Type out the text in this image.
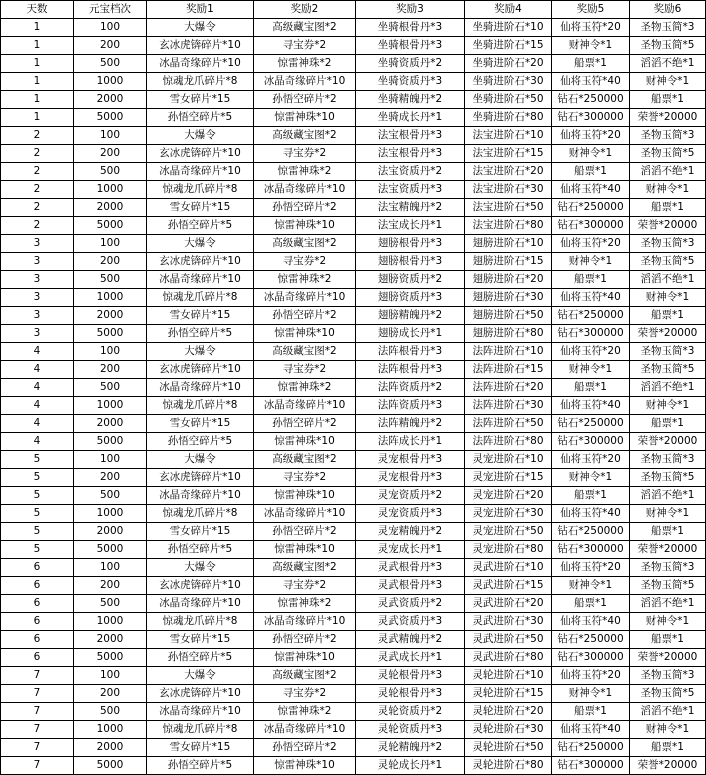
天数	元宝档次	奖励1	奖励2	奖励3	奖励4	奖励5	奖励6
1	100	大爆令	高级藏宝图*2	坐骑根骨丹*3	坐骑进阶石*10	仙将玉符*20	圣物玉简*3
1	200	玄冰虎锛碎片*10	寻宝券*2	坐骑根骨丹*3	坐骑进阶石*15	财神令*1	圣物玉简*5
1	500	冰晶奇缘碎片*10	惊雷神珠*2	坐骑资质丹*2	坐骑进阶石*20	船票*1	滔滔不绝*1
1	1000	惊魂龙爪碎片*8	冰晶奇缘碎片*10	坐骑资质丹*3	坐骑进阶石*30	仙将玉符*40	财神令*1
1	2000	雪女碎片*15	孙悟空碎片*2	坐骑精魄丹*2	坐骑进阶石*50	钻石*250000	船票*1
1	5000	孙悟空碎片*5	惊雷神珠*10	坐骑成长丹*1	坐骑进阶石*80	钻石*300000	荣誉*20000
2	100	大爆令	高级藏宝图*2	法宝根骨丹*3	法宝进阶石*10	仙将玉符*20	圣物玉简*3
2	200	玄冰虎锛碎片*10	寻宝券*2	法宝根骨丹*3	法宝进阶石*15	财神令*1	圣物玉简*5
2	500	冰晶奇缘碎片*10	惊雷神珠*2	法宝资质丹*2	法宝进阶石*20	船票*1	滔滔不绝*1
2	1000	惊魂龙爪碎片*8	冰晶奇缘碎片*10	法宝资质丹*3	法宝进阶石*30	仙将玉符*40	财神令*1
2	2000	雪女碎片*15	孙悟空碎片*2	法宝精魄丹*2	法宝进阶石*50	钻石*250000	船票*1
2	5000	孙悟空碎片*5	惊雷神珠*10	法宝成长丹*1	法宝进阶石*80	钻石*300000	荣誉*20000
3	100	大爆令	高级藏宝图*2	翅膀根骨丹*3	翅膀进阶石*10	仙将玉符*20	圣物玉简*3
3	200	玄冰虎锛碎片*10	寻宝券*2	翅膀根骨丹*3	翅膀进阶石*15	财神令*1	圣物玉简*5
3	500	冰晶奇缘碎片*10	惊雷神珠*2	翅膀资质丹*2	翅膀进阶石*20	船票*1	滔滔不绝*1
3	1000	惊魂龙爪碎片*8	冰晶奇缘碎片*10	翅膀资质丹*3	翅膀进阶石*30	仙将玉符*40	财神令*1
3	2000	雪女碎片*15	孙悟空碎片*2	翅膀精魄丹*2	翅膀进阶石*50	钻石*250000	船票*1
3	5000	孙悟空碎片*5	惊雷神珠*10	翅膀成长丹*1	翅膀进阶石*80	钻石*300000	荣誉*20000
4	100	大爆令	高级藏宝图*2	法阵根骨丹*3	法阵进阶石*10	仙将玉符*20	圣物玉简*3
4	200	玄冰虎锛碎片*10	寻宝券*2	法阵根骨丹*3	法阵进阶石*15	财神令*1	圣物玉简*5
4	500	冰晶奇缘碎片*10	惊雷神珠*2	法阵资质丹*2	法阵进阶石*20	船票*1	滔滔不绝*1
4	1000	惊魂龙爪碎片*8	冰晶奇缘碎片*10	法阵资质丹*3	法阵进阶石*30	仙将玉符*40	财神令*1
4	2000	雪女碎片*15	孙悟空碎片*2	法阵精魄丹*2	法阵进阶石*50	钻石*250000	船票*1
4	5000	孙悟空碎片*5	惊雷神珠*10	法阵成长丹*1	法阵进阶石*80	钻石*300000	荣誉*20000
5	100	大爆令	高级藏宝图*2	灵宠根骨丹*3	灵宠进阶石*10	仙将玉符*20	圣物玉简*3
5	200	玄冰虎锛碎片*10	寻宝券*2	灵宠根骨丹*3	灵宠进阶石*15	财神令*1	圣物玉简*5
5	500	冰晶奇缘碎片*10	惊雷神珠*10	灵宠资质丹*2	灵宠进阶石*20	船票*1	滔滔不绝*1
5	1000	惊魂龙爪碎片*8	冰晶奇缘碎片*10	灵宠资质丹*3	灵宠进阶石*30	仙将玉符*40	财神令*1
5	2000	雪女碎片*15	孙悟空碎片*2	灵宠精魄丹*2	灵宠进阶石*50	钻石*250000	船票*1
5	5000	孙悟空碎片*5	惊雷神珠*10	灵宠成长丹*1	灵宠进阶石*80	钻石*300000	荣誉*20000
6	100	大爆令	高级藏宝图*2	灵武根骨丹*3	灵武进阶石*10	仙将玉符*20	圣物玉简*3
6	200	玄冰虎锛碎片*10	寻宝券*2	灵武根骨丹*3	灵武进阶石*15	财神令*1	圣物玉简*5
6	500	冰晶奇缘碎片*10	惊雷神珠*2	灵武资质丹*2	灵武进阶石*20	船票*1	滔滔不绝*1
6	1000	惊魂龙爪碎片*8	冰晶奇缘碎片*10	灵武资质丹*3	灵武进阶石*30	仙将玉符*40	财神令*1
6	2000	雪女碎片*15	孙悟空碎片*2	灵武精魄丹*2	灵武进阶石*50	钻石*250000	船票*1
6	5000	孙悟空碎片*5	惊雷神珠*10	灵武成长丹*1	灵武进阶石*80	钻石*300000	荣誉*20000
7	100	大爆令	高级藏宝图*2	灵轮根骨丹*3	灵轮进阶石*10	仙将玉符*20	圣物玉简*3
7	200	玄冰虎锛碎片*10	寻宝券*2	灵轮根骨丹*3	灵轮进阶石*15	财神令*1	圣物玉简*5
7	500	冰晶奇缘碎片*10	惊雷神珠*2	灵轮资质丹*2	灵轮进阶石*20	船票*1	滔滔不绝*1
7	1000	惊魂龙爪碎片*8	冰晶奇缘碎片*10	灵轮资质丹*3	灵轮进阶石*30	仙将玉符*40	财神令*1
7	2000	雪女碎片*15	孙悟空碎片*2	灵轮精魄丹*2	灵轮进阶石*50	钻石*250000	船票*1
7	5000	孙悟空碎片*5	惊雷神珠*10	灵轮成长丹*1	灵轮进阶石*80	钻石*300000	荣誉*20000
